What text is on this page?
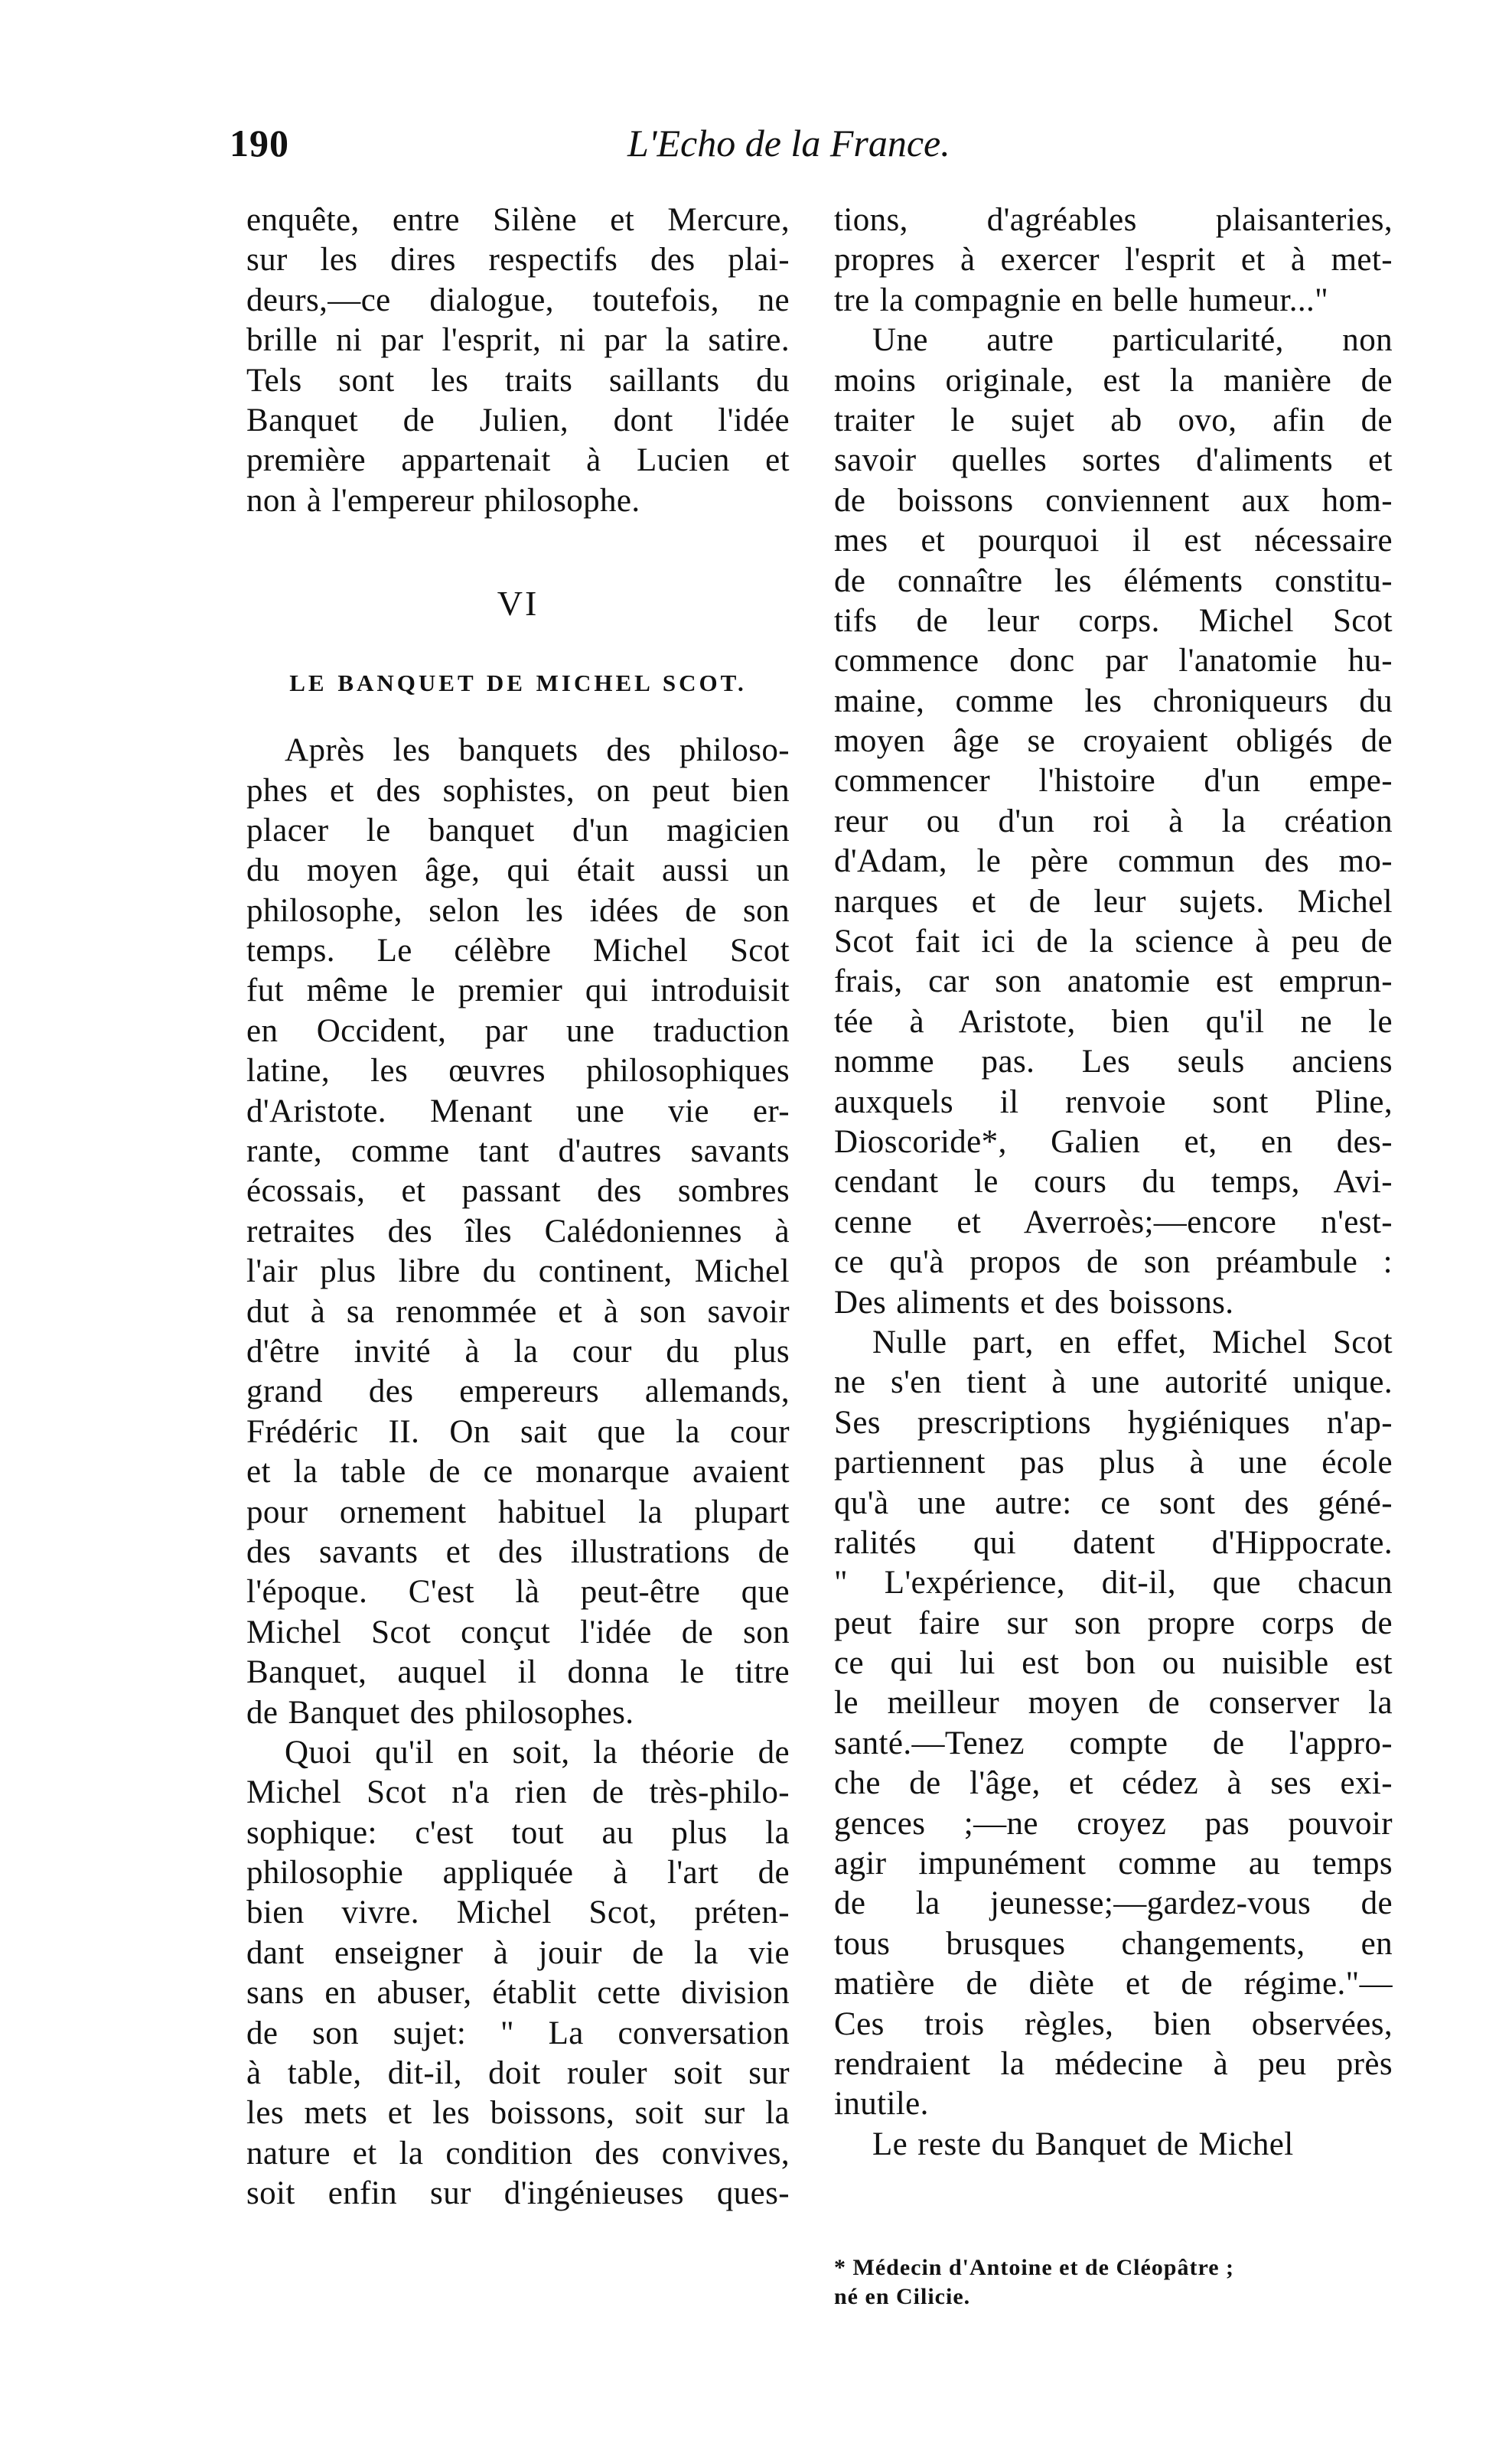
190	L'Echo de la France.
enquête, entre Silène et Mercure,
sur les dires respectifs des plai-
deurs,—ce dialogue, toutefois, ne
brille ni par l'esprit, ni par la satire.
Tels sont les traits saillants du
Banquet de Julien, dont l'idée
première appartenait à Lucien et
non à l'empereur philosophe.
VI
LE BANQUET DE MICHEL SCOT.
Après les banquets des philoso-
phes et des sophistes, on peut bien
placer le banquet d'un magicien
du moyen âge, qui était aussi un
philosophe, selon les idées de son
temps. Le célèbre Michel Scot
fut même le premier qui introduisit
en Occident, par une traduction
latine, les œuvres philosophiques
d'Aristote. Menant une vie er-
rante, comme tant d'autres savants
écossais, et passant des sombres
retraites des îles Calédoniennes à
l'air plus libre du continent, Michel
dut à sa renommée et à son savoir
d'être invité à la cour du plus
grand des empereurs allemands,
Frédéric II. On sait que la cour
et la table de ce monarque avaient
pour ornement habituel la plupart
des savants et des illustrations de
l'époque. C'est là peut-être que
Michel Scot conçut l'idée de son
Banquet, auquel il donna le titre
de Banquet des philosophes.
Quoi qu'il en soit, la théorie de
Michel Scot n'a rien de très-philo-
sophique: c'est tout au plus la
philosophie appliquée à l'art de
bien vivre. Michel Scot, préten-
dant enseigner à jouir de la vie
sans en abuser, établit cette division
de son sujet: " La conversation
à table, dit-il, doit rouler soit sur
les mets et les boissons, soit sur la
nature et la condition des convives,
soit enfin sur d'ingénieuses ques-
tions, d'agréables plaisanteries,
propres à exercer l'esprit et à met-
tre la compagnie en belle humeur..."
Une autre particularité, non
moins originale, est la manière de
traiter le sujet ab ovo, afin de
savoir quelles sortes d'aliments et
de boissons conviennent aux hom-
mes et pourquoi il est nécessaire
de connaître les éléments constitu-
tifs de leur corps. Michel Scot
commence donc par l'anatomie hu-
maine, comme les chroniqueurs du
moyen âge se croyaient obligés de
commencer l'histoire d'un empe-
reur ou d'un roi à la création
d'Adam, le père commun des mo-
narques et de leur sujets. Michel
Scot fait ici de la science à peu de
frais, car son anatomie est emprun-
tée à Aristote, bien qu'il ne le
nomme pas. Les seuls anciens
auxquels il renvoie sont Pline,
Dioscoride*, Galien et, en des-
cendant le cours du temps, Avi-
cenne et Averroès;—encore n'est-
ce qu'à propos de son préambule :
Des aliments et des boissons.
Nulle part, en effet, Michel Scot
ne s'en tient à une autorité unique.
Ses prescriptions hygiéniques n'ap-
partiennent pas plus à une école
qu'à une autre: ce sont des géné-
ralités qui datent d'Hippocrate.
" L'expérience, dit-il, que chacun
peut faire sur son propre corps de
ce qui lui est bon ou nuisible est
le meilleur moyen de conserver la
santé.—Tenez compte de l'appro-
che de l'âge, et cédez à ses exi-
gences ;—ne croyez pas pouvoir
agir impunément comme au temps
de la jeunesse;—gardez-vous de
tous brusques changements, en
matière de diète et de régime."—
Ces trois règles, bien observées,
rendraient la médecine à peu près
inutile.
Le reste du Banquet de Michel
* Médecin d'Antoine et de Cléopâtre ;
né en Cilicie.
